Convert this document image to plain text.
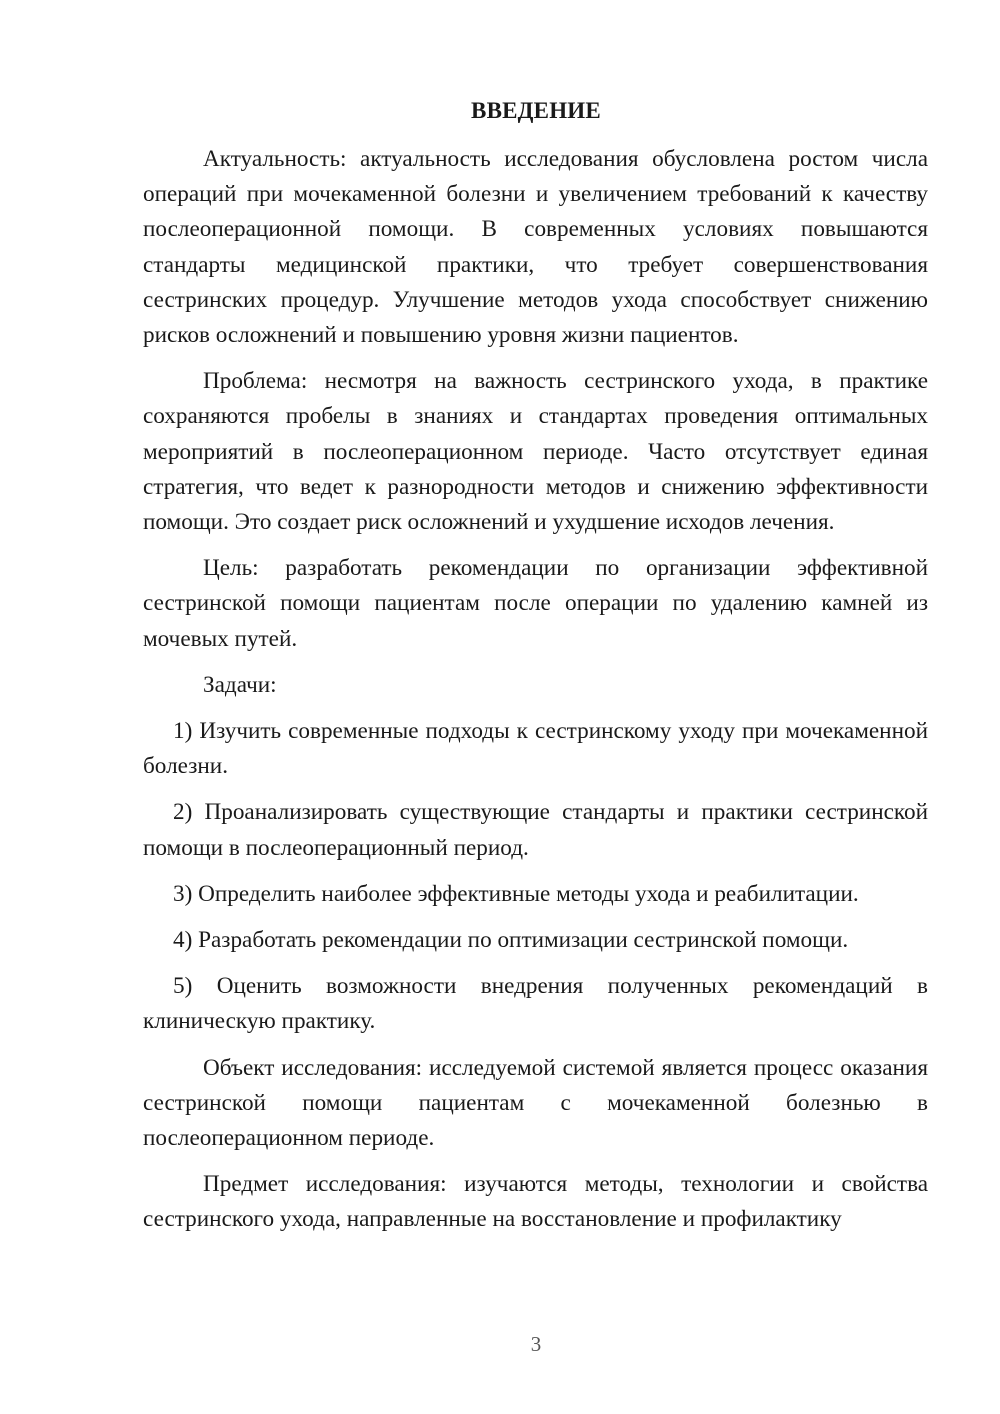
ВВЕДЕНИЕ

Актуальность: актуальность исследования обусловлена ростом числа операций при мочекаменной болезни и увеличением требований к качеству послеоперационной помощи. В современных условиях повышаются стандарты медицинской практики, что требует совершенствования сестринских процедур. Улучшение методов ухода способствует снижению рисков осложнений и повышению уровня жизни пациентов.

Проблема: несмотря на важность сестринского ухода, в практике сохраняются пробелы в знаниях и стандартах проведения оптимальных мероприятий в послеоперационном периоде. Часто отсутствует единая стратегия, что ведет к разнородности методов и снижению эффективности помощи. Это создает риск осложнений и ухудшение исходов лечения.

Цель: разработать рекомендации по организации эффективной сестринской помощи пациентам после операции по удалению камней из мочевых путей.

Задачи:

1) Изучить современные подходы к сестринскому уходу при мочекаменной болезни.

2) Проанализировать существующие стандарты и практики сестринской помощи в послеоперационный период.

3) Определить наиболее эффективные методы ухода и реабилитации.

4) Разработать рекомендации по оптимизации сестринской помощи.

5) Оценить возможности внедрения полученных рекомендаций в клиническую практику.

Объект исследования: исследуемой системой является процесс оказания сестринской помощи пациентам с мочекаменной болезнью в послеоперационном периоде.

Предмет исследования: изучаются методы, технологии и свойства сестринского ухода, направленные на восстановление и профилактику

3
